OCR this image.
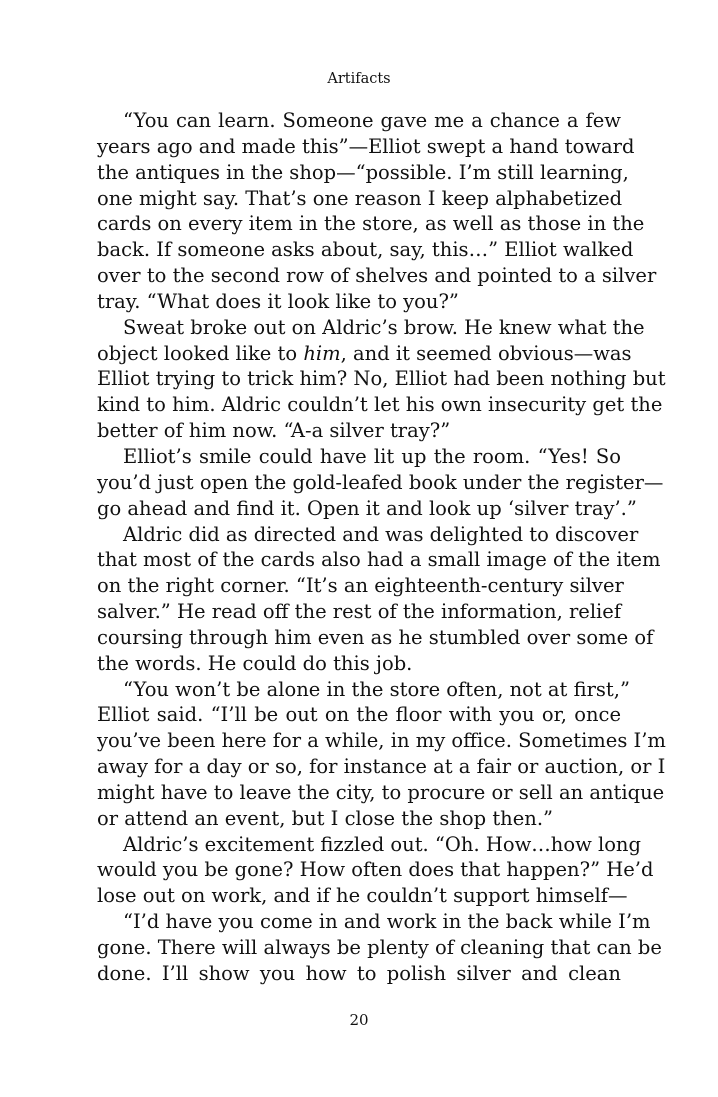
Artifacts
“You can learn. Someone gave me a chance a few
years ago and made this”—Elliot swept a hand toward
the antiques in the shop—“possible. I’m still learning,
one might say. That’s one reason I keep alphabetized
cards on every item in the store, as well as those in the
back. If someone asks about, say, this…” Elliot walked
over to the second row of shelves and pointed to a silver
tray. “What does it look like to you?”
Sweat broke out on Aldric’s brow. He knew what the
object looked like to him, and it seemed obvious—was
Elliot trying to trick him? No, Elliot had been nothing but
kind to him. Aldric couldn’t let his own insecurity get the
better of him now. “A-a silver tray?”
Elliot’s smile could have lit up the room. “Yes! So
you’d just open the gold-leafed book under the register—
go ahead and find it. Open it and look up ‘silver tray’.”
Aldric did as directed and was delighted to discover
that most of the cards also had a small image of the item
on the right corner. “It’s an eighteenth-century silver
salver.” He read off the rest of the information, relief
coursing through him even as he stumbled over some of
the words. He could do this job.
“You won’t be alone in the store often, not at first,”
Elliot said. “I’ll be out on the floor with you or, once
you’ve been here for a while, in my office. Sometimes I’m
away for a day or so, for instance at a fair or auction, or I
might have to leave the city, to procure or sell an antique
or attend an event, but I close the shop then.”
Aldric’s excitement fizzled out. “Oh. How…how long
would you be gone? How often does that happen?” He’d
lose out on work, and if he couldn’t support himself—
“I’d have you come in and work in the back while I’m
gone. There will always be plenty of cleaning that can be
done. I’ll show you how to polish silver and clean
20
